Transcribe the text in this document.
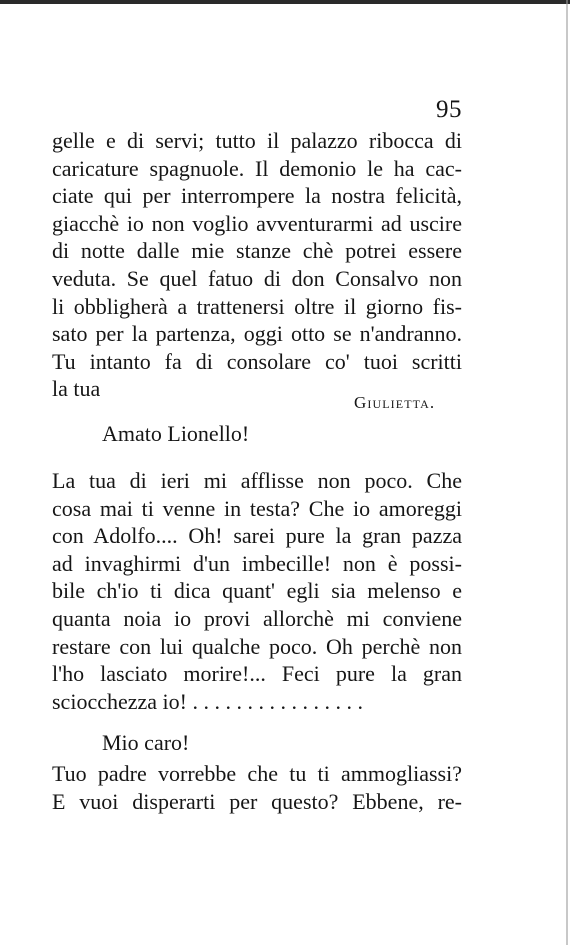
95
gelle e di servi; tutto il palazzo ribocca di
caricature spagnuole. Il demonio le ha cac-
ciate qui per interrompere la nostra felicità,
giacchè io non voglio avventurarmi ad uscire
di notte dalle mie stanze chè potrei essere
veduta. Se quel fatuo di don Consalvo non
li obbligherà a trattenersi oltre il giorno fis-
sato per la partenza, oggi otto se n'andranno.
Tu intanto fa di consolare co' tuoi scritti
la tua
Giulietta.
Amato Lionello!
La tua di ieri mi afflisse non poco. Che
cosa mai ti venne in testa? Che io amoreggi
con Adolfo.... Oh! sarei pure la gran pazza
ad invaghirmi d'un imbecille! non è possi-
bile ch'io ti dica quant' egli sia melenso e
quanta noia io provi allorchè mi conviene
restare con lui qualche poco. Oh perchè non
l'ho lasciato morire!... Feci pure la gran
sciocchezza io! . . . . . . . . . . . . . . . .
Mio caro!
Tuo padre vorrebbe che tu ti ammogliassi?
E vuoi disperarti per questo? Ebbene, re-
